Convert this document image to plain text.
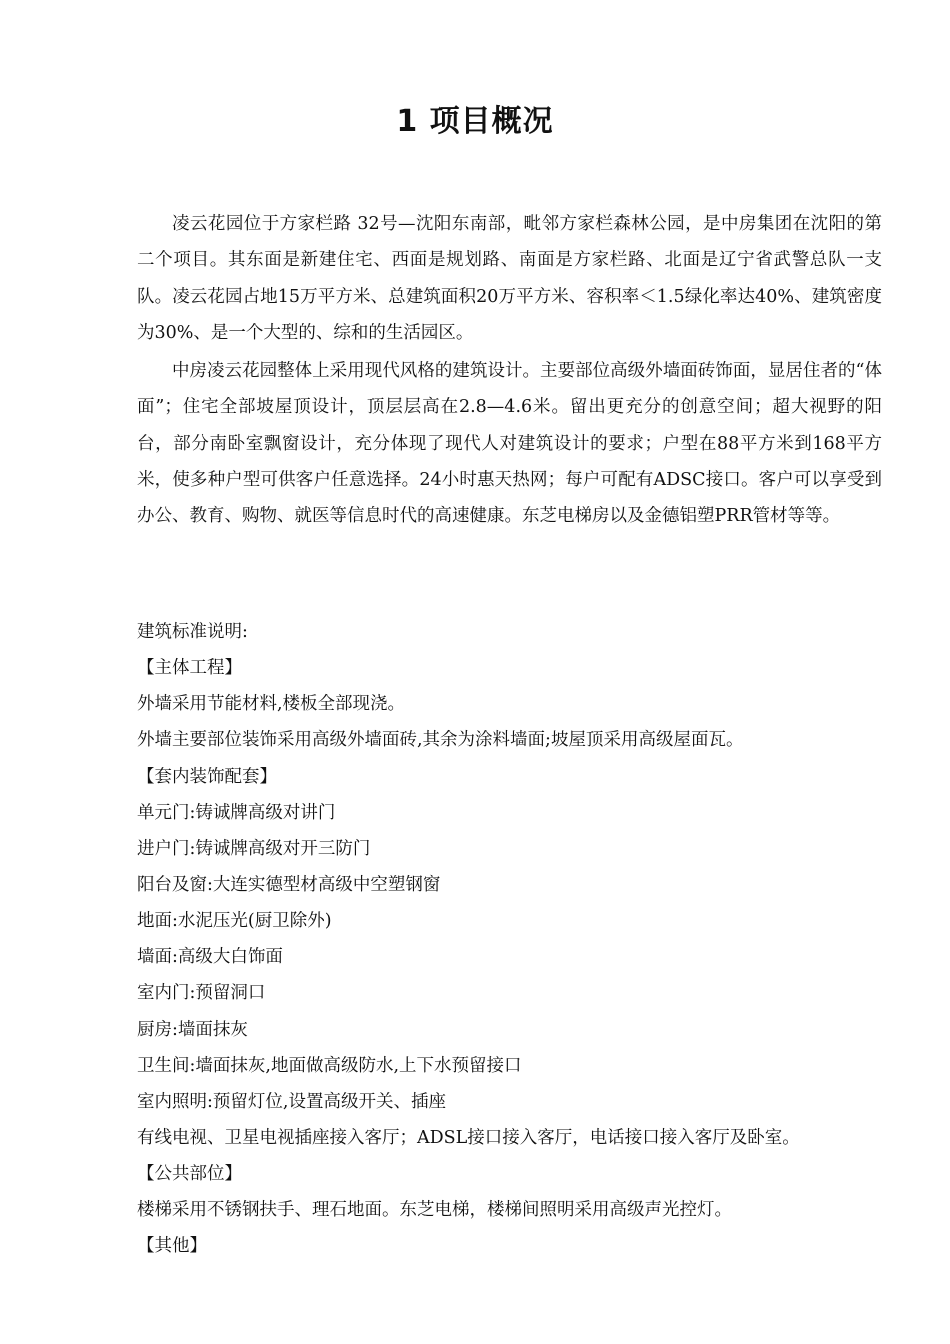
1 项目概况

凌云花园位于方家栏路 32号—沈阳东南部，毗邻方家栏森林公园，是中房集团在沈阳的第二个项目。其东面是新建住宅、西面是规划路、南面是方家栏路、北面是辽宁省武警总队一支队。凌云花园占地15万平方米、总建筑面积20万平方米、容积率＜1.5绿化率达40%、建筑密度为30%、是一个大型的、综和的生活园区。

中房凌云花园整体上采用现代风格的建筑设计。主要部位高级外墙面砖饰面，显居住者的“体面”；住宅全部坡屋顶设计，顶层层高在2.8—4.6米。留出更充分的创意空间；超大视野的阳台，部分南卧室飘窗设计，充分体现了现代人对建筑设计的要求；户型在88平方米到168平方米，使多种户型可供客户任意选择。24小时惠天热网；每户可配有ADSC接口。客户可以享受到办公、教育、购物、就医等信息时代的高速健康。东芝电梯房以及金德铝塑PRR管材等等。

建筑标准说明:
【主体工程】
外墙采用节能材料,楼板全部现浇。
外墙主要部位装饰采用高级外墙面砖,其余为涂料墙面;坡屋顶采用高级屋面瓦。
【套内装饰配套】
单元门:铸诚牌高级对讲门
进户门:铸诚牌高级对开三防门
阳台及窗:大连实德型材高级中空塑钢窗
地面:水泥压光(厨卫除外)
墙面:高级大白饰面
室内门:预留洞口
厨房:墙面抹灰
卫生间:墙面抹灰,地面做高级防水,上下水预留接口
室内照明:预留灯位,设置高级开关、插座
有线电视、卫星电视插座接入客厅；ADSL接口接入客厅，电话接口接入客厅及卧室。
【公共部位】
楼梯采用不锈钢扶手、理石地面。东芝电梯，楼梯间照明采用高级声光控灯。
【其他】
